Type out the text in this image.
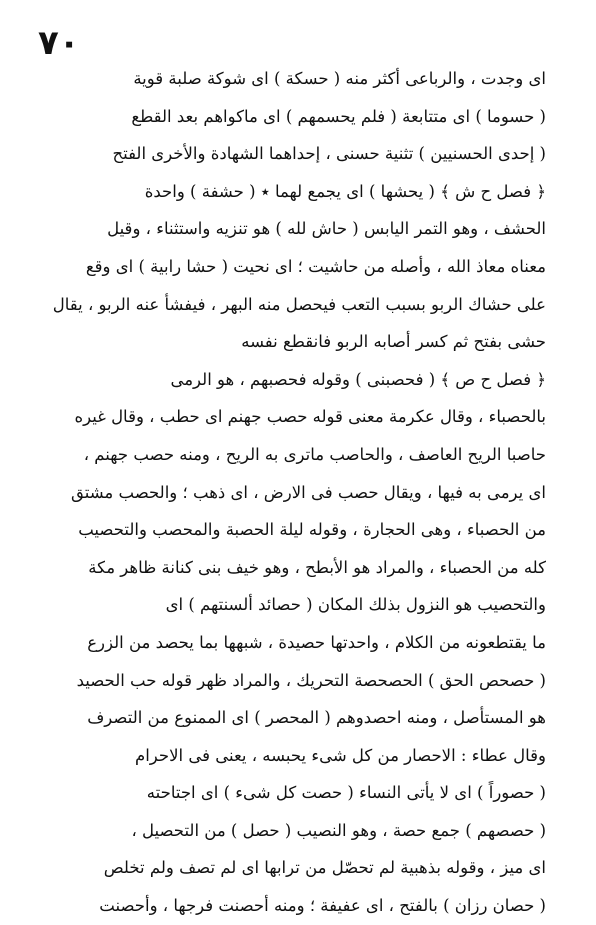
٧٠
اى وجدت ، والرباعى أكثر منه ( حسكة ) اى شوكة صلبة قوية
( حسوما ) اى متتابعة ( فلم يحسمهم ) اى ماكواهم بعد القطع
( إحدى الحسنيين ) تثنية حسنى ، إحداهما الشهادة والأخرى الفتح
﴿ فصل ح ش ﴾ ( يحشها ) اى يجمع لهما ٭ ( حشفة ) واحدة
الحشف ، وهو التمر اليابس ( حاش لله ) هو تنزيه واستثناء ، وقيل
معناه معاذ الله ، وأصله من حاشيت ؛ اى نحيت ( حشا رابية ) اى وقع
على حشاك الربو بسبب التعب فيحصل منه البهر ، فيفشأ عنه الربو ، يقال
حشى بفتح ثم كسر أصابه الربو فانقطع نفسه
﴿ فصل ح ص ﴾ ( فحصبنى ) وقوله فحصبهم ، هو الرمى
بالحصباء ، وقال عكرمة معنى قوله حصب جهنم اى حطب ، وقال غيره
حاصبا الريح العاصف ، والحاصب ماترى به الريح ، ومنه حصب جهنم ،
اى يرمى به فيها ، ويقال حصب فى الارض ، اى ذهب ؛ والحصب مشتق
من الحصباء ، وهى الحجارة ، وقوله ليلة الحصبة والمحصب والتحصيب
كله من الحصباء ، والمراد هو الأبطح ، وهو خيف بنى كنانة ظاهر مكة
والتحصيب هو النزول بذلك المكان ( حصائد ألسنتهم ) اى
ما يقتطعونه من الكلام ، واحدتها حصيدة ، شبهها بما يحصد من الزرع
( حصحص الحق ) الحصحصة التحريك ، والمراد ظهر قوله حب الحصيد
هو المستأصل ، ومنه احصدوهم ( المحصر ) اى الممنوع من التصرف
وقال عطاء : الاحصار من كل شىء يحبسه ، يعنى فى الاحرام
( حصوراً ) اى لا يأتى النساء ( حصت كل شىء ) اى اجتاحته
( حصصهم ) جمع حصة ، وهو النصيب ( حصل ) من التحصيل ،
اى ميز ، وقوله بذهبية لم تحصّل من ترابها اى لم تصف ولم تخلص
( حصان رزان ) بالفتح ، اى عفيفة ؛ ومنه أحصنت فرجها ، وأحصنت
